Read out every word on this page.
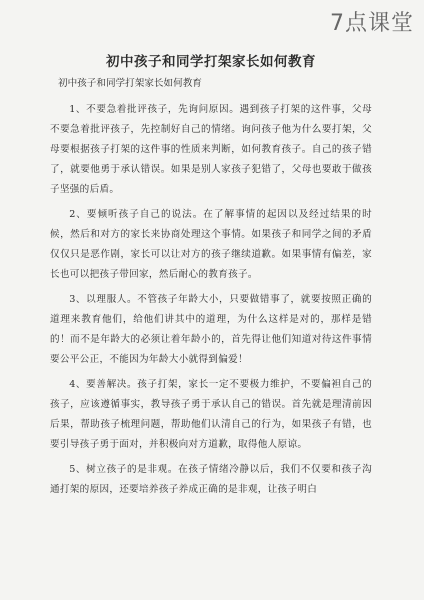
7点课堂
初中孩子和同学打架家长如何教育
初中孩子和同学打架家长如何教育

1、不要急着批评孩子，先询问原因。遇到孩子打架的这件事，父母不要急着批评孩子，先控制好自己的情绪。询问孩子他为什么要打架，父母要根据孩子打架的这件事的性质来判断，如何教育孩子。自己的孩子错了，就要他勇于承认错误。如果是别人家孩子犯错了，父母也要敢于做孩子坚强的后盾。

2、要倾听孩子自己的说法。在了解事情的起因以及经过结果的时候，然后和对方的家长来协商处理这个事情。如果孩子和同学之间的矛盾仅仅只是恶作剧，家长可以让对方的孩子继续道歉。如果事情有偏差，家长也可以把孩子带回家，然后耐心的教育孩子。

3、以理服人。不管孩子年龄大小，只要做错事了，就要按照正确的道理来教育他们，给他们讲其中的道理，为什么这样是对的，那样是错的！而不是年龄大的必须让着年龄小的，首先得让他们知道对待这件事情要公平公正，不能因为年龄大小就得到偏爱！

4、要善解决。孩子打架，家长一定不要极力维护，不要偏袒自己的孩子，应该遵循事实，教导孩子勇于承认自己的错误。首先就是理清前因后果，帮助孩子梳理问题，帮助他们认清自己的行为，如果孩子有错，也要引导孩子勇于面对，并积极向对方道歉，取得他人原谅。

5、树立孩子的是非观。在孩子情绪冷静以后，我们不仅要和孩子沟通打架的原因，还要培养孩子养成正确的是非观，让孩子明白
